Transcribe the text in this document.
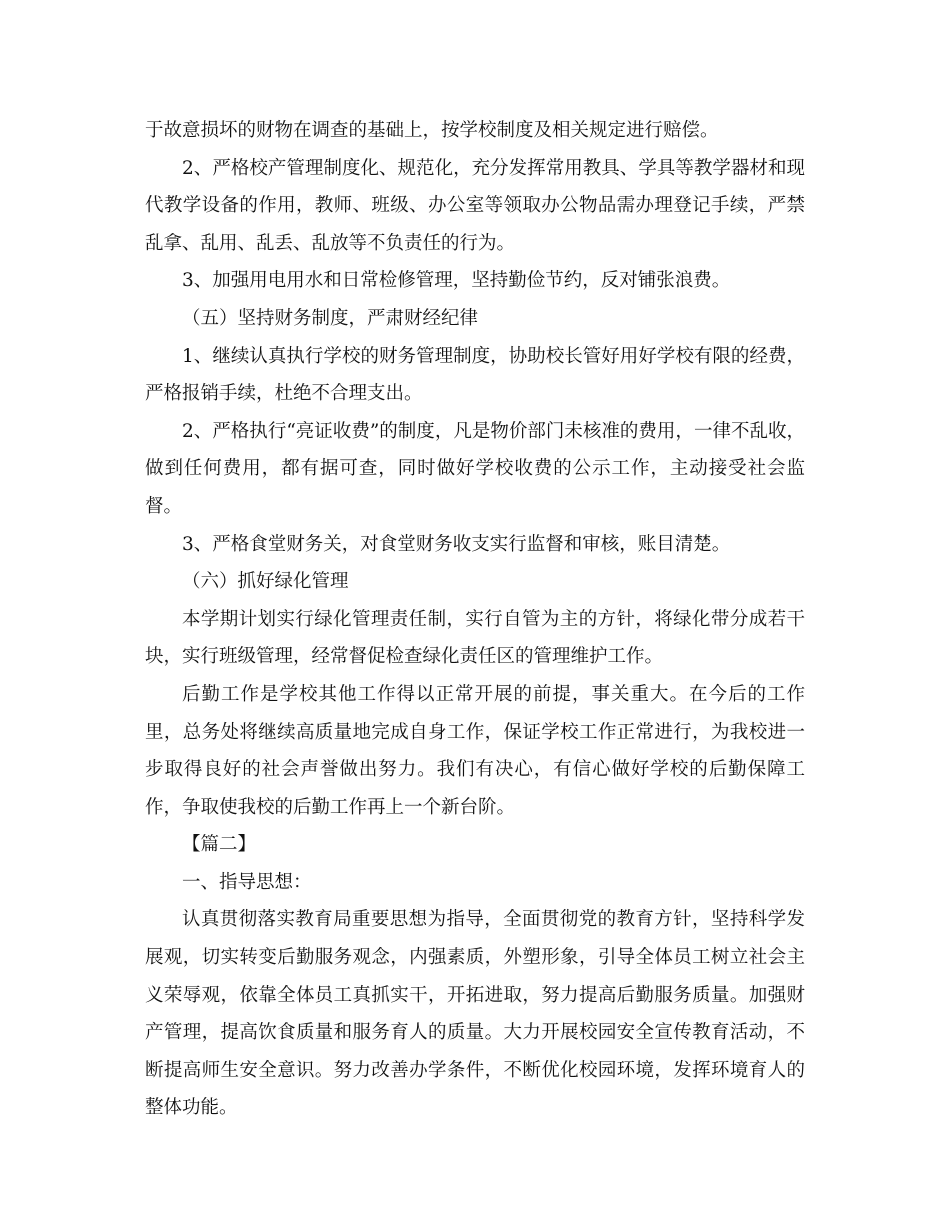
于故意损坏的财物在调查的基础上，按学校制度及相关规定进行赔偿。

2、严格校产管理制度化、规范化，充分发挥常用教具、学具等教学器材和现代教学设备的作用，教师、班级、办公室等领取办公物品需办理登记手续，严禁乱拿、乱用、乱丢、乱放等不负责任的行为。

3、加强用电用水和日常检修管理，坚持勤俭节约，反对铺张浪费。

（五）坚持财务制度，严肃财经纪律

1、继续认真执行学校的财务管理制度，协助校长管好用好学校有限的经费，严格报销手续，杜绝不合理支出。

2、严格执行“亮证收费”的制度，凡是物价部门未核准的费用，一律不乱收，做到任何费用，都有据可查，同时做好学校收费的公示工作，主动接受社会监督。

3、严格食堂财务关，对食堂财务收支实行监督和审核，账目清楚。

（六）抓好绿化管理

本学期计划实行绿化管理责任制，实行自管为主的方针，将绿化带分成若干块，实行班级管理，经常督促检查绿化责任区的管理维护工作。

后勤工作是学校其他工作得以正常开展的前提，事关重大。在今后的工作里，总务处将继续高质量地完成自身工作，保证学校工作正常进行，为我校进一步取得良好的社会声誉做出努力。我们有决心，有信心做好学校的后勤保障工作，争取使我校的后勤工作再上一个新台阶。

【篇二】

一、指导思想：

认真贯彻落实教育局重要思想为指导，全面贯彻党的教育方针，坚持科学发展观，切实转变后勤服务观念，内强素质，外塑形象，引导全体员工树立社会主义荣辱观，依靠全体员工真抓实干，开拓进取，努力提高后勤服务质量。加强财产管理，提高饮食质量和服务育人的质量。大力开展校园安全宣传教育活动，不断提高师生安全意识。努力改善办学条件，不断优化校园环境，发挥环境育人的整体功能。
